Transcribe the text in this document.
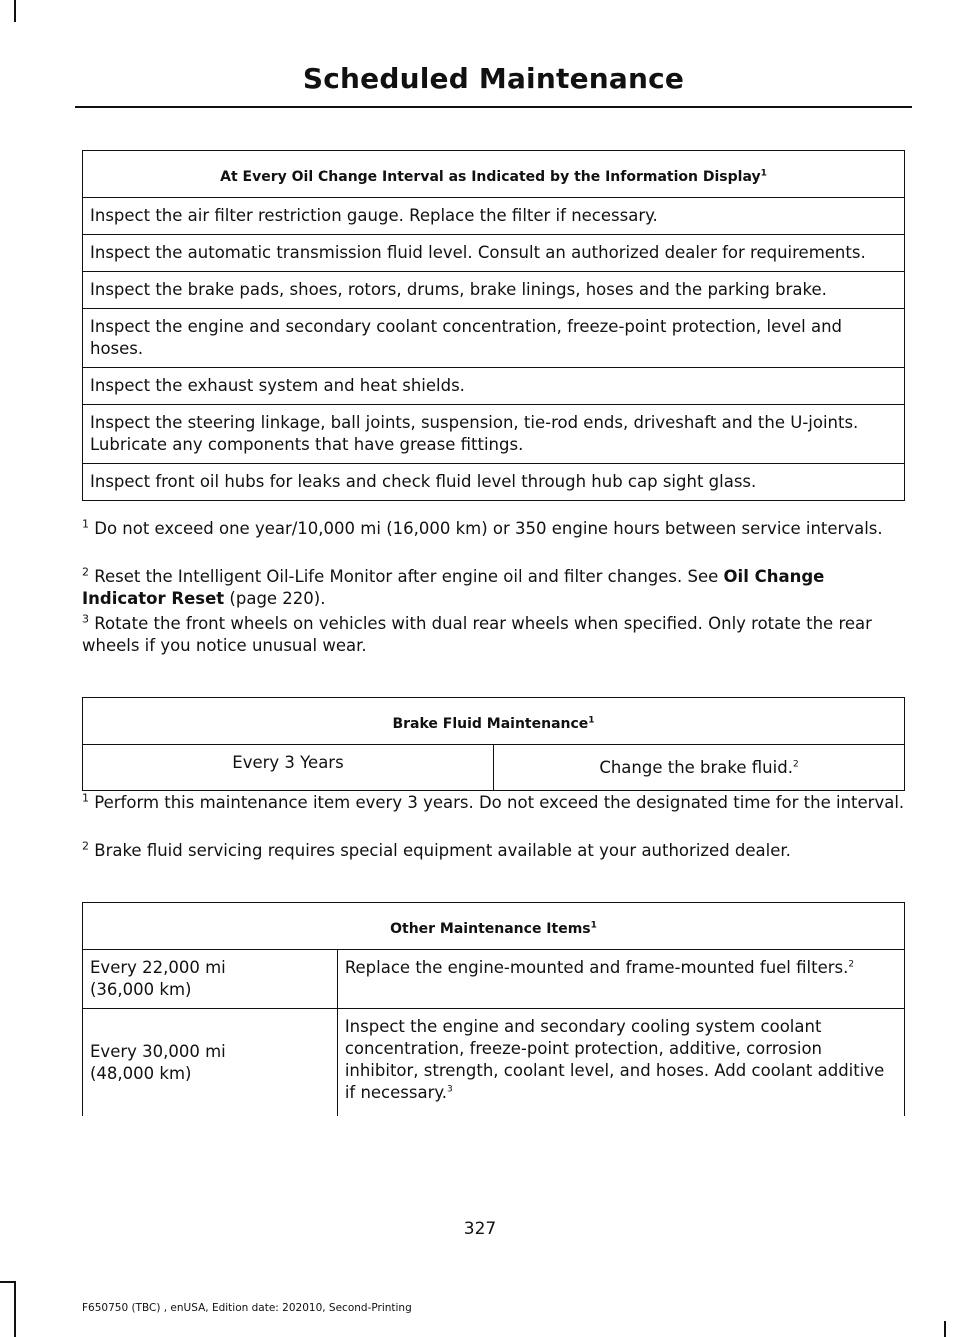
Scheduled Maintenance
At Every Oil Change Interval as Indicated by the Information Display$^1$
Inspect the air filter restriction gauge. Replace the filter if necessary.
Inspect the automatic transmission fluid level. Consult an authorized dealer for requirements.
Inspect the brake pads, shoes, rotors, drums, brake linings, hoses and the parking brake.
Inspect the engine and secondary coolant concentration, freeze-point protection, level and hoses.
Inspect the exhaust system and heat shields.
Inspect the steering linkage, ball joints, suspension, tie-rod ends, driveshaft and the U-joints. Lubricate any components that have grease fittings.
Inspect front oil hubs for leaks and check fluid level through hub cap sight glass.
$^1$ Do not exceed one year/10,000 mi (16,000 km) or 350 engine hours between service intervals.
$^2$ Reset the Intelligent Oil-Life Monitor after engine oil and filter changes. See Oil Change Indicator Reset (page 220).
$^3$ Rotate the front wheels on vehicles with dual rear wheels when specified. Only rotate the rear wheels if you notice unusual wear.
Brake Fluid Maintenance$^1$
Every 3 Years	Change the brake fluid.$^2$
$^1$ Perform this maintenance item every 3 years. Do not exceed the designated time for the interval.
$^2$ Brake fluid servicing requires special equipment available at your authorized dealer.
Other Maintenance Items$^1$
Every 22,000 mi
(36,000 km)	Replace the engine-mounted and frame-mounted fuel filters.$^2$
Every 30,000 mi
(48,000 km)	Inspect the engine and secondary cooling system coolant concentration, freeze-point protection, additive, corrosion inhibitor, strength, coolant level, and hoses. Add coolant additive if necessary.$^3$
327
F650750 (TBC) , enUSA, Edition date: 202010, Second-Printing
